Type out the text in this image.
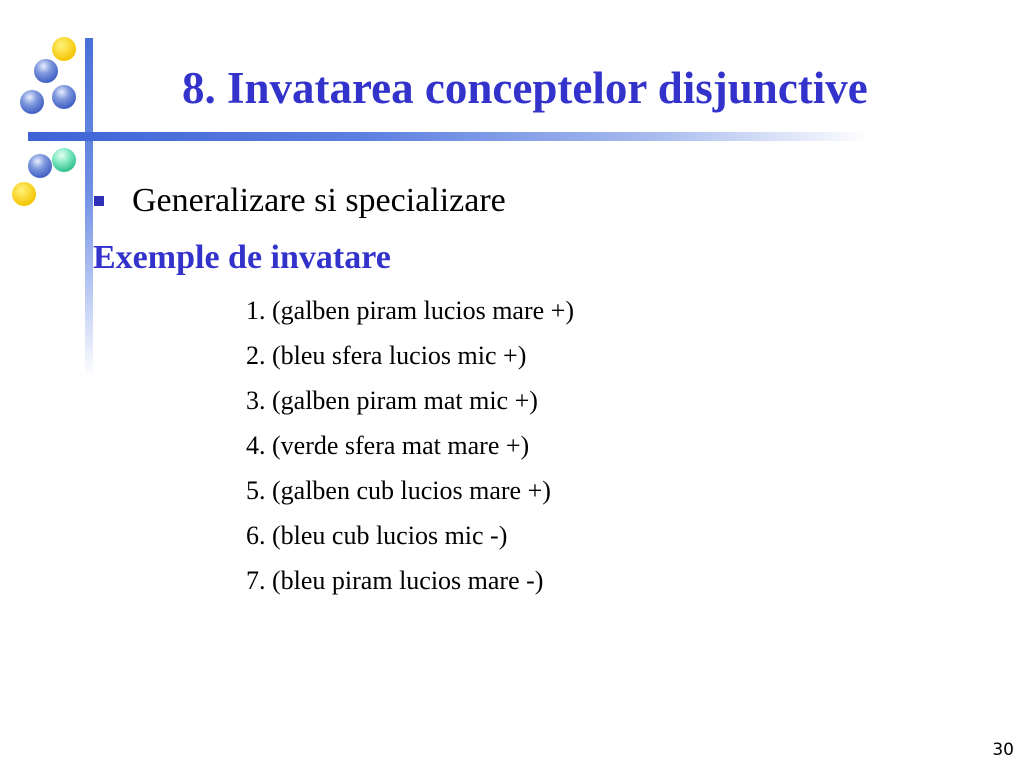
8. Invatarea conceptelor disjunctive
Generalizare si specializare
Exemple de invatare
1. (galben piram lucios mare +)
2. (bleu sfera lucios mic +)
3. (galben piram mat mic +)
4. (verde sfera mat mare +)
5. (galben cub lucios mare +)
6. (bleu cub lucios mic -)
7. (bleu piram lucios mare -)
30
